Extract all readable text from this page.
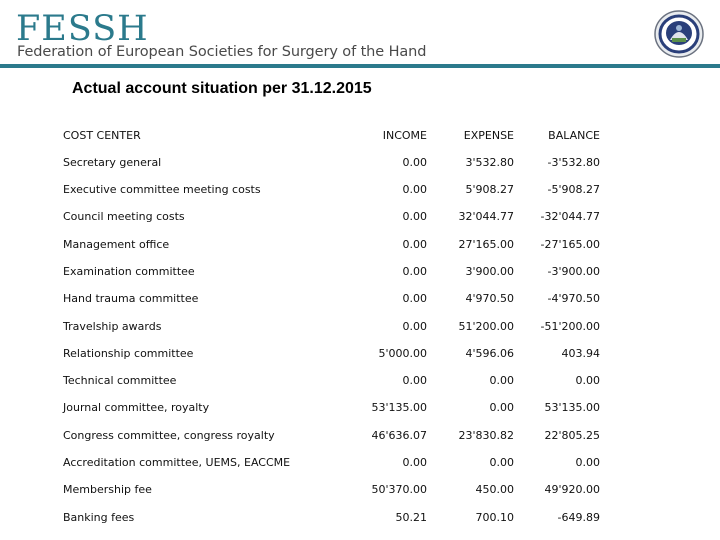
FESSH
Federation of European Societies for Surgery of the Hand
Actual account situation per 31.12.2015
COST CENTER	INCOME	EXPENSE	BALANCE
Secretary general	0.00	3'532.80	-3'532.80
Executive committee meeting costs	0.00	5'908.27	-5'908.27
Council meeting costs	0.00	32'044.77	-32'044.77
Management office	0.00	27'165.00	-27'165.00
Examination committee	0.00	3'900.00	-3'900.00
Hand trauma committee	0.00	4'970.50	-4'970.50
Travelship awards	0.00	51'200.00	-51'200.00
Relationship committee	5'000.00	4'596.06	403.94
Technical committee	0.00	0.00	0.00
Journal committee, royalty	53'135.00	0.00	53'135.00
Congress committee, congress royalty	46'636.07	23'830.82	22'805.25
Accreditation committee, UEMS, EACCME	0.00	0.00	0.00
Membership fee	50'370.00	450.00	49'920.00
Banking fees	50.21	700.10	-649.89
